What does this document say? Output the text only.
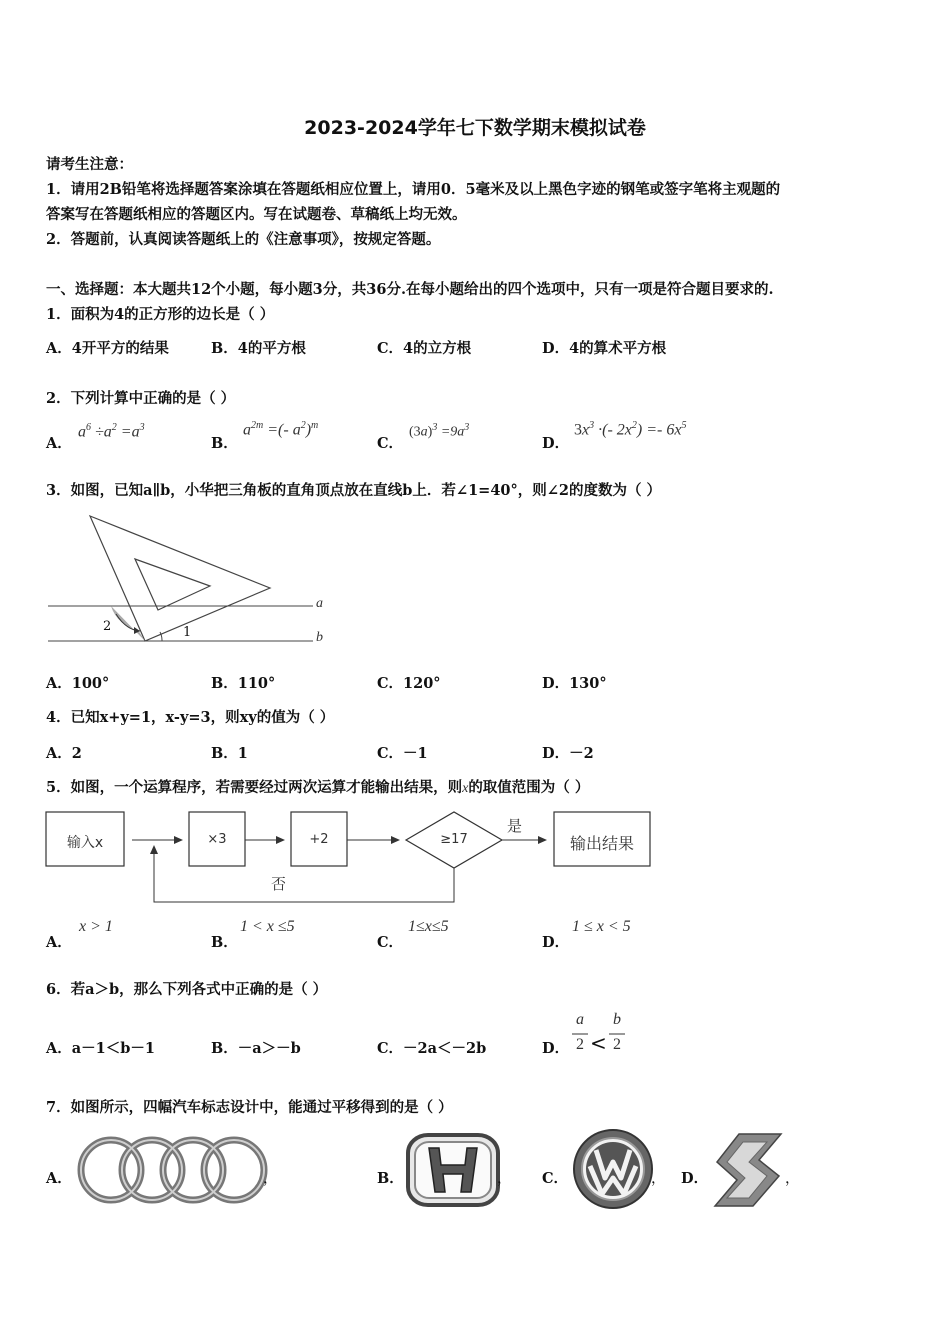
2023-2024学年七下数学期末模拟试卷
请考生注意：
1．请用2B铅笔将选择题答案涂填在答题纸相应位置上，请用0．5毫米及以上黑色字迹的钢笔或签字笔将主观题的
答案写在答题纸相应的答题区内。写在试题卷、草稿纸上均无效。
2．答题前，认真阅读答题纸上的《注意事项》，按规定答题。
一、选择题：本大题共12个小题，每小题3分，共36分.在每小题给出的四个选项中，只有一项是符合题目要求的.
1．面积为4的正方形的边长是（ ）
A．4开平方的结果	B．4的平方根	C．4的立方根	D．4的算术平方根
2．下列计算中正确的是（ ）
A．
$a^6 \div a^2 =a^3$
B．
$a^{2m}$ =(- $a^2)^m$
C．
$(3a)^3 =9a^3$
D．
$3x^3$ ·(- $2x^2) =- 6x^5$
3．如图，已知a∥b，小华把三角板的直角顶点放在直线b上．若∠1=40°，则∠2的度数为（ ）
a
b
1
2
A．100°	B．110°	C．120°	D．130°
4．已知x+y=1，x-y=3，则xy的值为（ ）
A．2	B．1	C．－1	D．－2
5．如图，一个运算程序，若需要经过两次运算才能输出结果，则x的取值范围为（ ）
输入x	×3	+2	≥17	输出结果
是
否
A．
x > 1
B．
1 < x ≤5
C．
1≤x≤5
D．
1 ≤ x < 5
6．若a＞b，那么下列各式中正确的是（ ）
A．a－1＜b－1	B．－a＞－b	C．－2a＜－2b	D．
a
2 <
b
2
7．如图所示，四幅汽车标志设计中，能通过平移得到的是（ ）
A．	，	B．	， C．	， D．	，
